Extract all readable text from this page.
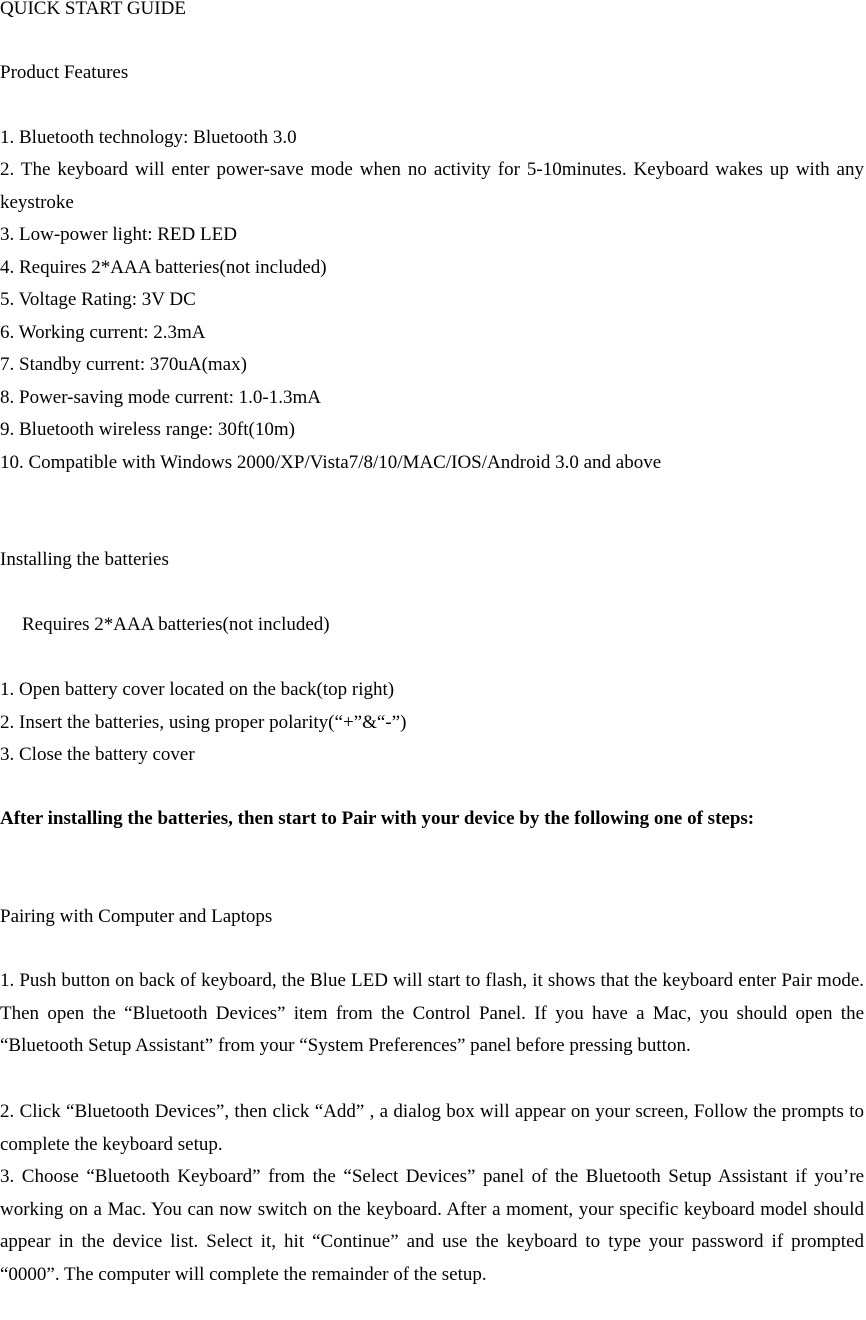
QUICK START GUIDE
Product Features
1. Bluetooth technology: Bluetooth 3.0
2. The keyboard will enter power-save mode when no activity for 5-10minutes. Keyboard wakes up with any keystroke
3. Low-power light: RED LED
4. Requires 2*AAA batteries(not included)
5. Voltage Rating: 3V DC
6. Working current: 2.3mA
7. Standby current: 370uA(max)
8. Power-saving mode current: 1.0-1.3mA
9. Bluetooth wireless range: 30ft(10m)
10. Compatible with Windows 2000/XP/Vista7/8/10/MAC/IOS/Android 3.0 and above
Installing the batteries
Requires 2*AAA batteries(not included)
1. Open battery cover located on the back(top right)
2. Insert the batteries, using proper polarity(“+”&“-”)
3. Close the battery cover
After installing the batteries, then start to Pair with your device by the following one of steps:
Pairing with Computer and Laptops
1. Push button on back of keyboard, the Blue LED will start to flash, it shows that the keyboard enter Pair mode. Then open the “Bluetooth Devices” item from the Control Panel. If you have a Mac, you should open the “Bluetooth Setup Assistant” from your “System Preferences” panel before pressing button.
2. Click “Bluetooth Devices”, then click “Add” , a dialog box will appear on your screen, Follow the prompts to complete the keyboard setup.
3. Choose “Bluetooth Keyboard” from the “Select Devices” panel of the Bluetooth Setup Assistant if you’re working on a Mac. You can now switch on the keyboard. After a moment, your specific keyboard model should appear in the device list. Select it, hit “Continue” and use the keyboard to type your password if prompted “0000”. The computer will complete the remainder of the setup.
